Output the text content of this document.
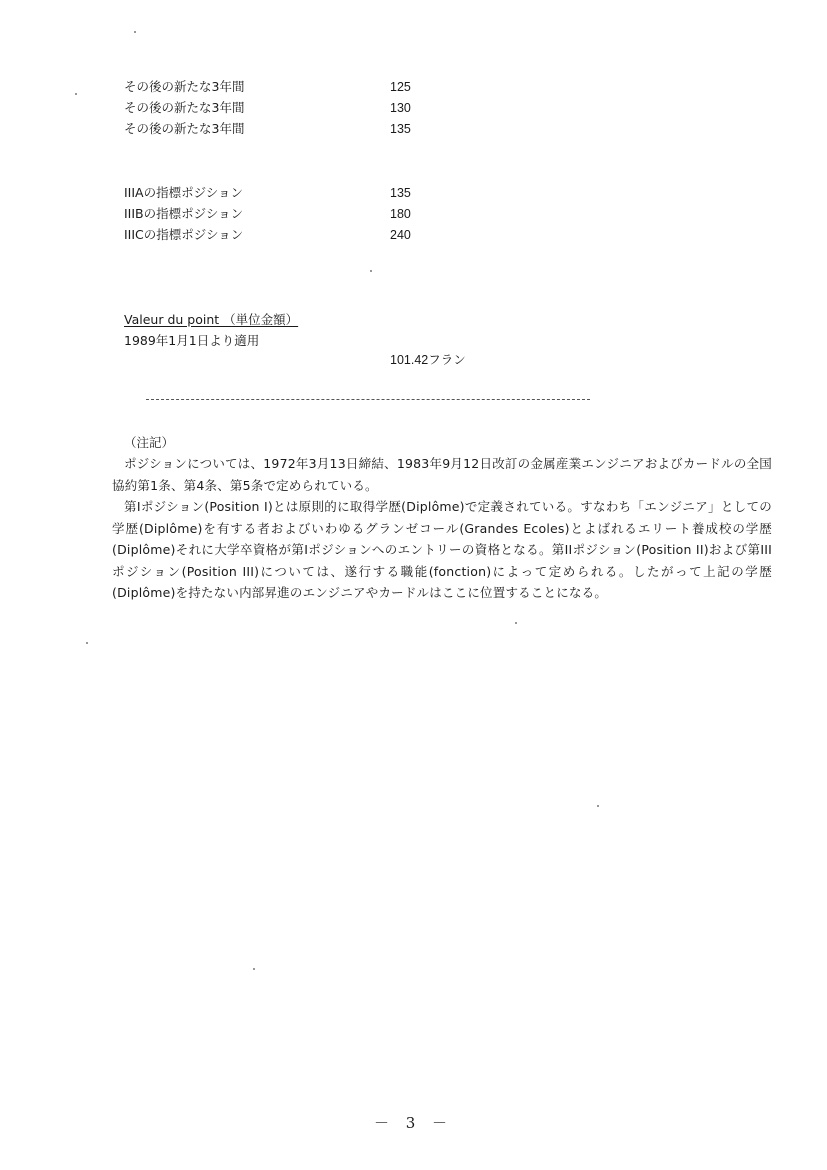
その後の新たな3年間	125
その後の新たな3年間	130
その後の新たな3年間	135
IIIAの指標ポジション	135
IIIBの指標ポジション	180
IIICの指標ポジション	240
Valeur du point （単位金額）
1989年1月1日より適用
101.42フラン
（注記）

ポジションについては、1972年3月13日締結、1983年9月12日改訂の金属産業エンジニアおよびカードルの全国協約第1条、第4条、第5条で定められている。

第Iポジション(Position I)とは原則的に取得学歴(Diplôme)で定義されている。すなわち「エンジニア」としての学歴(Diplôme)を有する者およびいわゆるグランゼコール(Grandes Ecoles)とよばれるエリート養成校の学歴(Diplôme)それに大学卒資格が第Iポジションへのエントリーの資格となる。第IIポジション(Position II)および第IIIポジション(Position III)については、遂行する職能(fonction)によって定められる。したがって上記の学歴(Diplôme)を持たない内部昇進のエンジニアやカードルはここに位置することになる。

－ 3 －
